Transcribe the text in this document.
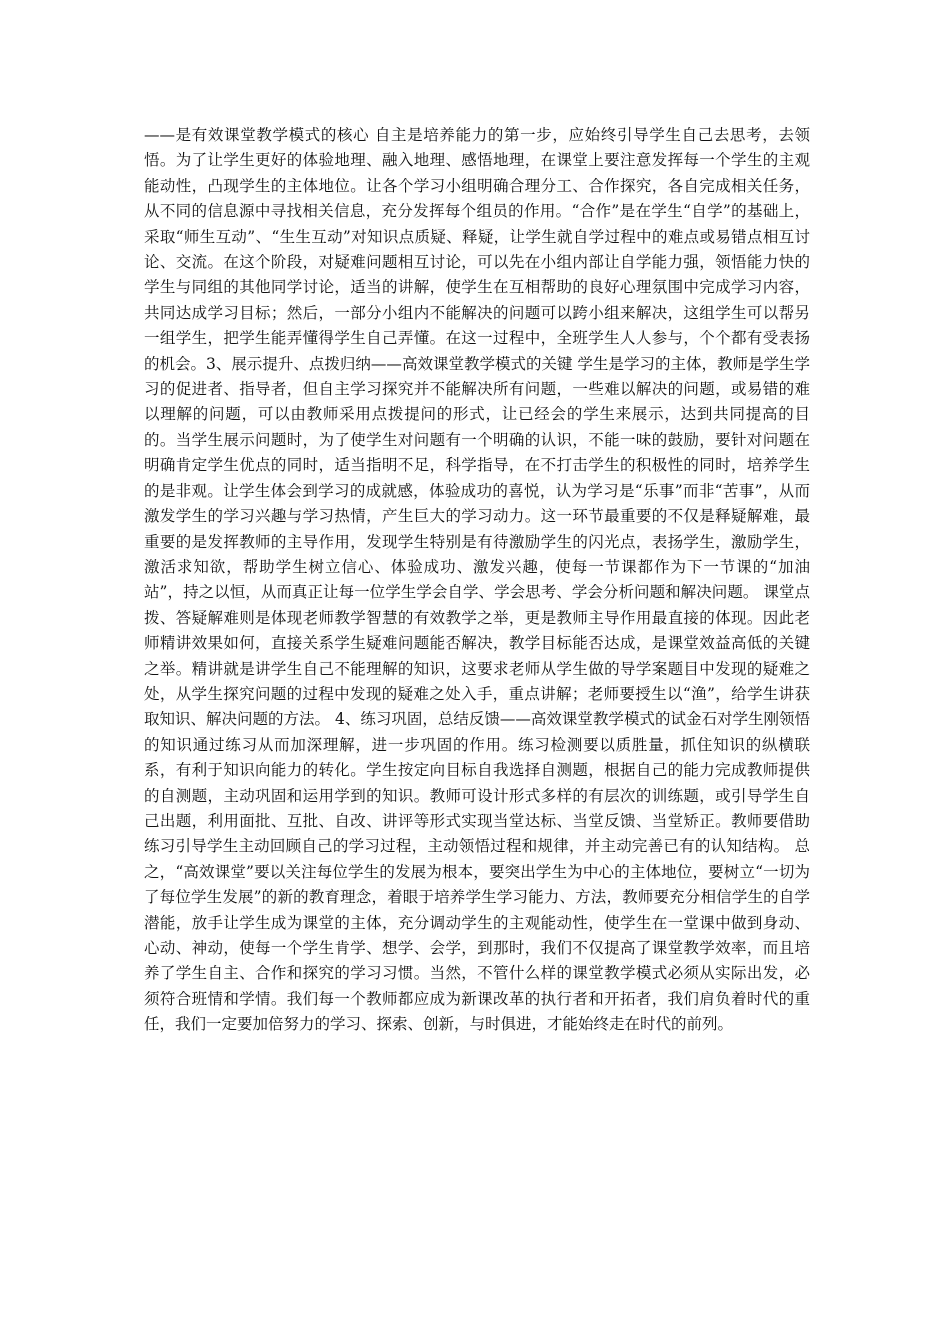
——是有效课堂教学模式的核心 自主是培养能力的第一步，应始终引导学生自己去思考，去领悟。为了让学生更好的体验地理、融入地理、感悟地理，在课堂上要注意发挥每一个学生的主观能动性，凸现学生的主体地位。让各个学习小组明确合理分工、合作探究，各自完成相关任务，从不同的信息源中寻找相关信息，充分发挥每个组员的作用。“合作”是在学生“自学”的基础上，采取“师生互动”、“生生互动”对知识点质疑、释疑，让学生就自学过程中的难点或易错点相互讨论、交流。在这个阶段，对疑难问题相互讨论，可以先在小组内部让自学能力强，领悟能力快的学生与同组的其他同学讨论，适当的讲解，使学生在互相帮助的良好心理氛围中完成学习内容，共同达成学习目标；然后，一部分小组内不能解决的问题可以跨小组来解决，这组学生可以帮另一组学生，把学生能弄懂得学生自己弄懂。在这一过程中，全班学生人人参与，个个都有受表扬的机会。3、展示提升、点拨归纳——高效课堂教学模式的关键 学生是学习的主体，教师是学生学习的促进者、指导者，但自主学习探究并不能解决所有问题，一些难以解决的问题，或易错的难以理解的问题，可以由教师采用点拨提问的形式，让已经会的学生来展示，达到共同提高的目的。当学生展示问题时，为了使学生对问题有一个明确的认识，不能一味的鼓励，要针对问题在明确肯定学生优点的同时，适当指明不足，科学指导，在不打击学生的积极性的同时，培养学生的是非观。让学生体会到学习的成就感，体验成功的喜悦，认为学习是“乐事”而非“苦事”，从而激发学生的学习兴趣与学习热情，产生巨大的学习动力。这一环节最重要的不仅是释疑解难，最重要的是发挥教师的主导作用，发现学生特别是有待激励学生的闪光点，表扬学生，激励学生，激活求知欲，帮助学生树立信心、体验成功、激发兴趣，使每一节课都作为下一节课的“加油站”，持之以恒，从而真正让每一位学生学会自学、学会思考、学会分析问题和解决问题。 课堂点拨、答疑解难则是体现老师教学智慧的有效教学之举，更是教师主导作用最直接的体现。因此老师精讲效果如何，直接关系学生疑难问题能否解决，教学目标能否达成，是课堂效益高低的关键之举。精讲就是讲学生自己不能理解的知识，这要求老师从学生做的导学案题目中发现的疑难之处，从学生探究问题的过程中发现的疑难之处入手，重点讲解；老师要授生以“渔”，给学生讲获取知识、解决问题的方法。 4、练习巩固，总结反馈——高效课堂教学模式的试金石对学生刚领悟的知识通过练习从而加深理解，进一步巩固的作用。练习检测要以质胜量，抓住知识的纵横联系，有利于知识向能力的转化。学生按定向目标自我选择自测题，根据自己的能力完成教师提供的自测题，主动巩固和运用学到的知识。教师可设计形式多样的有层次的训练题，或引导学生自己出题，利用面批、互批、自改、讲评等形式实现当堂达标、当堂反馈、当堂矫正。教师要借助练习引导学生主动回顾自己的学习过程，主动领悟过程和规律，并主动完善已有的认知结构。 总之，“高效课堂”要以关注每位学生的发展为根本，要突出学生为中心的主体地位，要树立“一切为了每位学生发展”的新的教育理念，着眼于培养学生学习能力、方法，教师要充分相信学生的自学潜能，放手让学生成为课堂的主体，充分调动学生的主观能动性，使学生在一堂课中做到身动、心动、神动，使每一个学生肯学、想学、会学，到那时，我们不仅提高了课堂教学效率，而且培养了学生自主、合作和探究的学习习惯。当然，不管什么样的课堂教学模式必须从实际出发，必须符合班情和学情。我们每一个教师都应成为新课改革的执行者和开拓者，我们肩负着时代的重任，我们一定要加倍努力的学习、探索、创新，与时俱进，才能始终走在时代的前列。
